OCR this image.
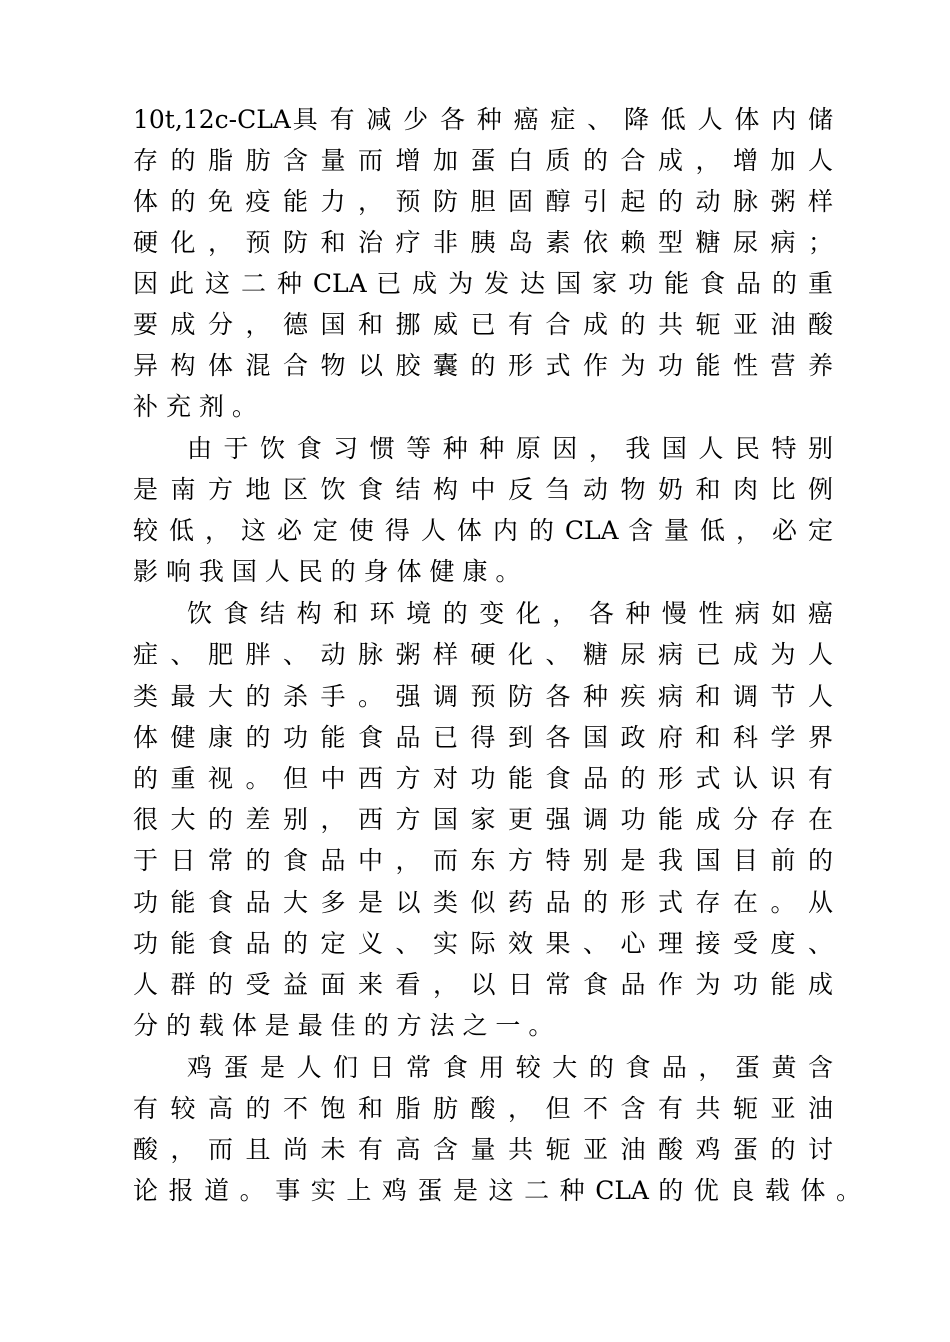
10t,12c-CLA具 有 减 少 各 种 癌 症 、 降 低 人 体 内 储
存 的 脂 肪 含 量 而 增 加 蛋 白 质 的 合 成 ， 增 加 人
体 的 免 疫 能 力 ， 预 防 胆 固 醇 引 起 的 动 脉 粥 样
硬 化 ， 预 防 和 治 疗 非 胰 岛 素 依 赖 型 糖 尿 病 ；
因 此 这 二 种 CLA 已 成 为 发 达 国 家 功 能 食 品 的 重
要 成 分 ， 德 国 和 挪 威 已 有 合 成 的 共 轭 亚 油 酸
异 构 体 混 合 物 以 胶 囊 的 形 式 作 为 功 能 性 营 养
补 充 剂 。
由 于 饮 食 习 惯 等 种 种 原 因 ， 我 国 人 民 特 别
是 南 方 地 区 饮 食 结 构 中 反 刍 动 物 奶 和 肉 比 例
较 低 ， 这 必 定 使 得 人 体 内 的 CLA 含 量 低 ， 必 定
影 响 我 国 人 民 的 身 体 健 康 。
饮 食 结 构 和 环 境 的 变 化 ， 各 种 慢 性 病 如 癌
症 、 肥 胖 、 动 脉 粥 样 硬 化 、 糖 尿 病 已 成 为 人
类 最 大 的 杀 手 。 强 调 预 防 各 种 疾 病 和 调 节 人
体 健 康 的 功 能 食 品 已 得 到 各 国 政 府 和 科 学 界
的 重 视 。 但 中 西 方 对 功 能 食 品 的 形 式 认 识 有
很 大 的 差 别 ， 西 方 国 家 更 强 调 功 能 成 分 存 在
于 日 常 的 食 品 中 ， 而 东 方 特 别 是 我 国 目 前 的
功 能 食 品 大 多 是 以 类 似 药 品 的 形 式 存 在 。 从
功 能 食 品 的 定 义 、 实 际 效 果 、 心 理 接 受 度 、
人 群 的 受 益 面 来 看 ， 以 日 常 食 品 作 为 功 能 成
分 的 载 体 是 最 佳 的 方 法 之 一 。
鸡 蛋 是 人 们 日 常 食 用 较 大 的 食 品 ， 蛋 黄 含
有 较 高 的 不 饱 和 脂 肪 酸 ， 但 不 含 有 共 轭 亚 油
酸 ， 而 且 尚 未 有 高 含 量 共 轭 亚 油 酸 鸡 蛋 的 讨
论 报 道 。 事 实 上 鸡 蛋 是 这 二 种 CLA 的 优 良 载 体 。
